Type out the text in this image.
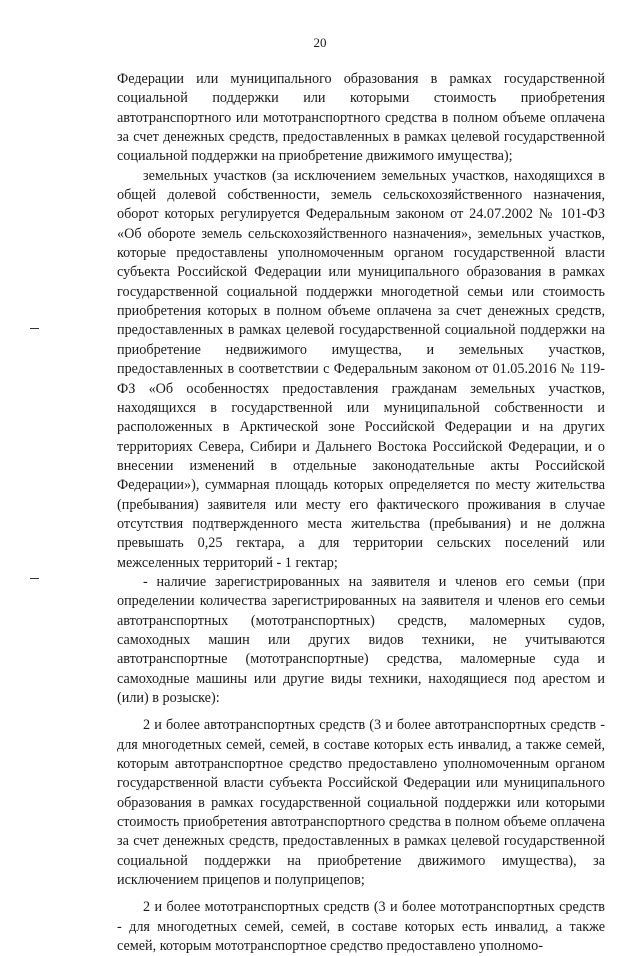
20

Федерации или муниципального образования в рамках государственной социальной поддержки или которыми стоимость приобретения автотранспортного или мототранспортного средства в полном объеме оплачена за счет денежных средств, предоставленных в рамках целевой государственной социальной поддержки на приобретение движимого имущества);

земельных участков (за исключением земельных участков, находящихся в общей долевой собственности, земель сельскохозяйственного назначения, оборот которых регулируется Федеральным законом от 24.07.2002 № 101-ФЗ «Об обороте земель сельскохозяйственного назначения», земельных участков, которые предоставлены уполномоченным органом государственной власти субъекта Российской Федерации или муниципального образования в рамках государственной социальной поддержки многодетной семьи или стоимость приобретения которых в полном объеме оплачена за счет денежных средств, предоставленных в рамках целевой государственной социальной поддержки на приобретение недвижимого имущества, и земельных участков, предоставленных в соответствии с Федеральным законом от 01.05.2016 № 119-ФЗ «Об особенностях предоставления гражданам земельных участков, находящихся в государственной или муниципальной собственности и расположенных в Арктической зоне Российской Федерации и на других территориях Севера, Сибири и Дальнего Востока Российской Федерации, и о внесении изменений в отдельные законодательные акты Российской Федерации»), суммарная площадь которых определяется по месту жительства (пребывания) заявителя или месту его фактического проживания в случае отсутствия подтвержденного места жительства (пребывания) и не должна превышать 0,25 гектара, а для территории сельских поселений или межселенных территорий - 1 гектар;

- наличие зарегистрированных на заявителя и членов его семьи (при определении количества зарегистрированных на заявителя и членов его семьи автотранспортных (мототранспортных) средств, маломерных судов, самоходных машин или других видов техники, не учитываются автотранспортные (мототранспортные) средства, маломерные суда и самоходные машины или другие виды техники, находящиеся под арестом и (или) в розыске):

2 и более автотранспортных средств (3 и более автотранспортных средств - для многодетных семей, семей, в составе которых есть инвалид, а также семей, которым автотранспортное средство предоставлено уполномоченным органом государственной власти субъекта Российской Федерации или муниципального образования в рамках государственной социальной поддержки или которыми стоимость приобретения автотранспортного средства в полном объеме оплачена за счет денежных средств, предоставленных в рамках целевой государственной социальной поддержки на приобретение движимого имущества), за исключением прицепов и полуприцепов;

2 и более мототранспортных средств (3 и более мототранспортных средств - для многодетных семей, семей, в составе которых есть инвалид, а также семей, которым мототранспортное средство предоставлено уполномо-
